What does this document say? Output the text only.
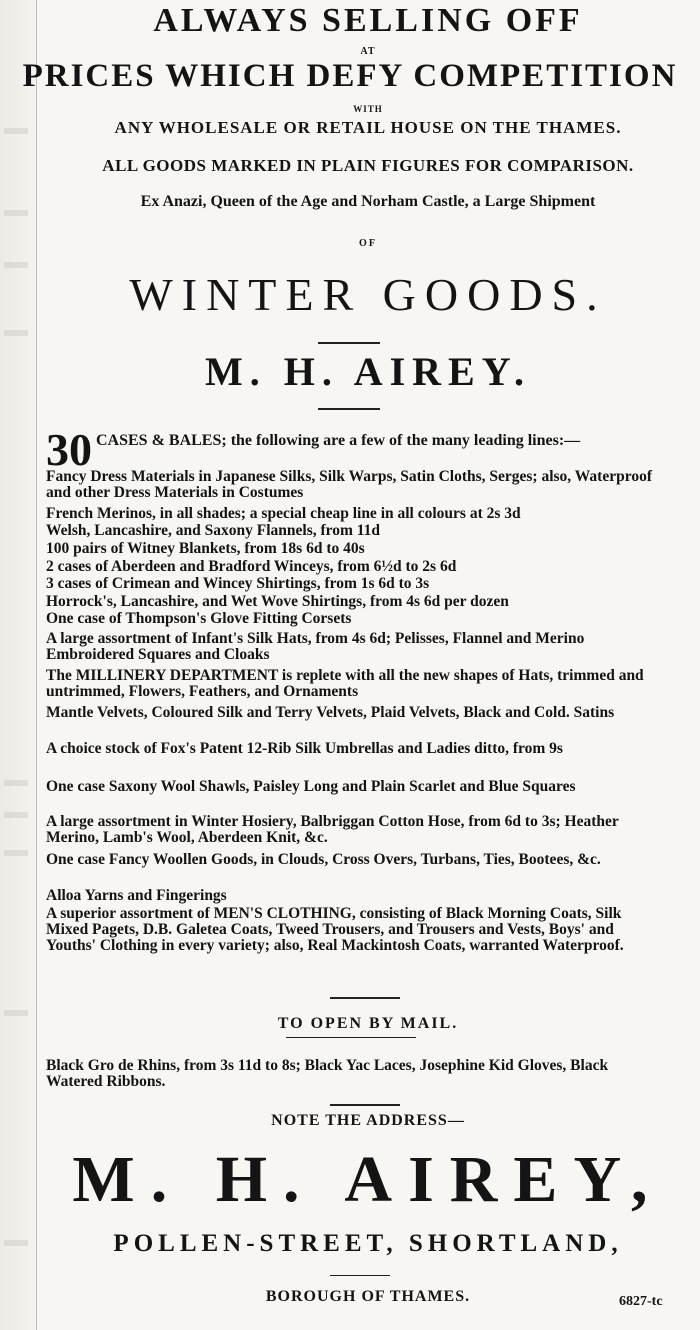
ALWAYS SELLING OFF
AT
PRICES WHICH DEFY COMPETITION
WITH
ANY WHOLESALE OR RETAIL HOUSE ON THE THAMES.
ALL GOODS MARKED IN PLAIN FIGURES FOR COMPARISON.
Ex Anazi, Queen of the Age and Norham Castle, a Large Shipment
OF
WINTER GOODS.
M. H. AIREY.
30 CASES & BALES; the following are a few of the many leading lines:—
Fancy Dress Materials in Japanese Silks, Silk Warps, Satin Cloths, Serges; also, Waterproof and other Dress Materials in Costumes
French Merinos, in all shades; a special cheap line in all colours at 2s 3d
Welsh, Lancashire, and Saxony Flannels, from 11d
100 pairs of Witney Blankets, from 18s 6d to 40s
2 cases of Aberdeen and Bradford Winceys, from 6½d to 2s 6d
3 cases of Crimean and Wincey Shirtings, from 1s 6d to 3s
Horrock's, Lancashire, and Wet Wove Shirtings, from 4s 6d per dozen
One case of Thompson's Glove Fitting Corsets
A large assortment of Infant's Silk Hats, from 4s 6d; Pelisses, Flannel and Merino Embroidered Squares and Cloaks
The MILLINERY DEPARTMENT is replete with all the new shapes of Hats, trimmed and untrimmed, Flowers, Feathers, and Ornaments
Mantle Velvets, Coloured Silk and Terry Velvets, Plaid Velvets, Black and Cold. Satins
A choice stock of Fox's Patent 12-Rib Silk Umbrellas and Ladies ditto, from 9s
One case Saxony Wool Shawls, Paisley Long and Plain Scarlet and Blue Squares
A large assortment in Winter Hosiery, Balbriggan Cotton Hose, from 6d to 3s; Heather Merino, Lamb's Wool, Aberdeen Knit, &c.
One case Fancy Woollen Goods, in Clouds, Cross Overs, Turbans, Ties, Bootees, &c.
Alloa Yarns and Fingerings
A superior assortment of MEN'S CLOTHING, consisting of Black Morning Coats, Silk Mixed Pagets, D.B. Galetea Coats, Tweed Trousers, and Trousers and Vests, Boys' and Youths' Clothing in every variety; also, Real Mackintosh Coats, warranted Waterproof.
TO OPEN BY MAIL.
Black Gro de Rhins, from 3s 11d to 8s; Black Yac Laces, Josephine Kid Gloves, Black Watered Ribbons.
NOTE THE ADDRESS—
M. H. AIREY,
POLLEN-STREET, SHORTLAND,
BOROUGH OF THAMES.	6827-tc
